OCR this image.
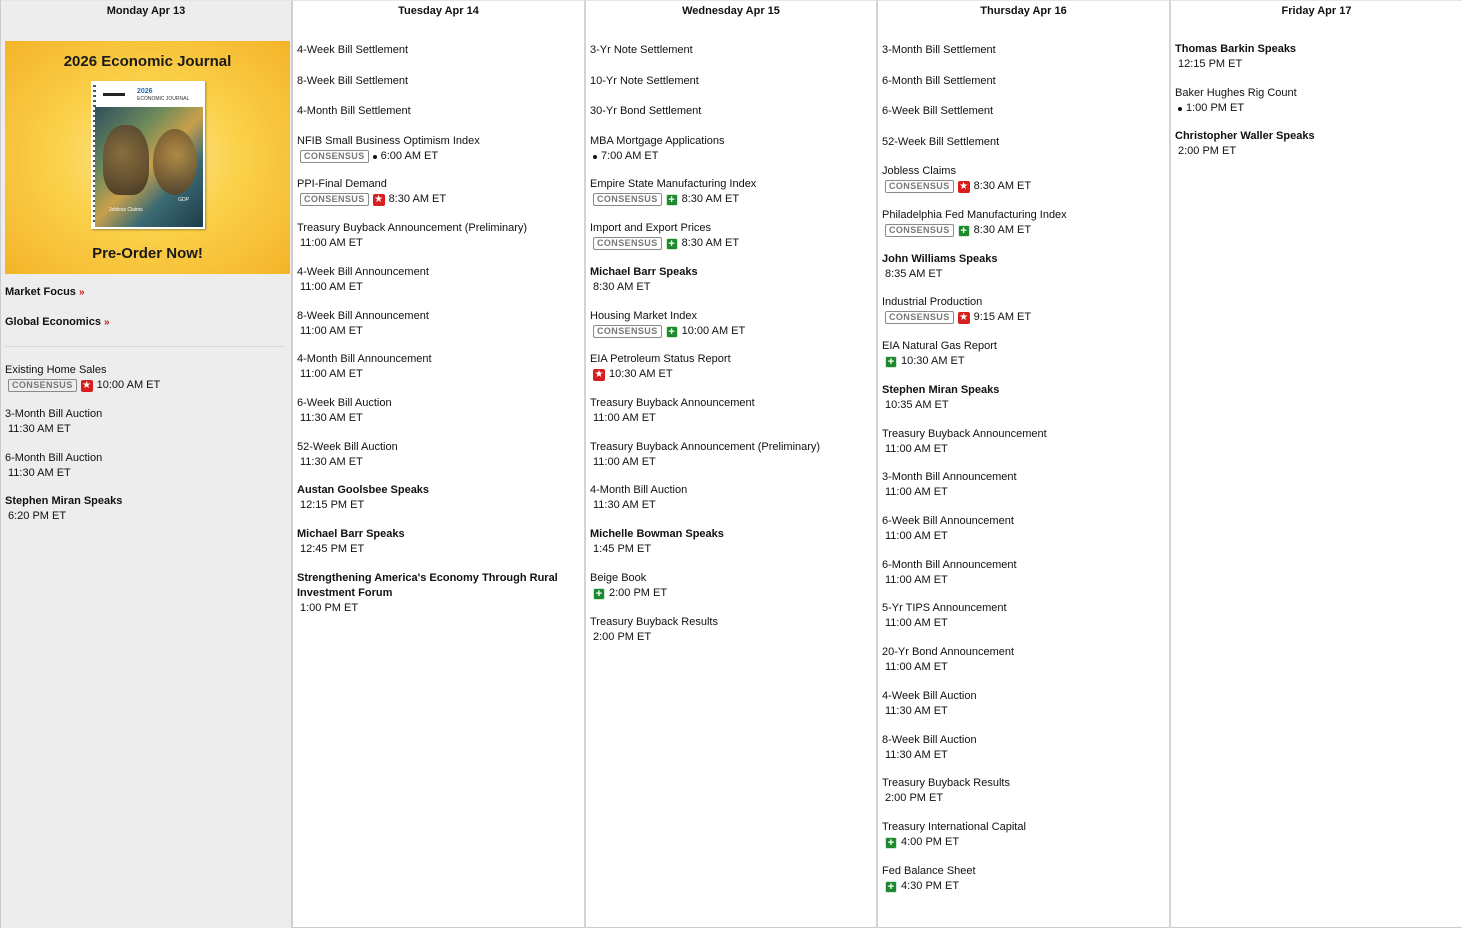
Monday Apr 13
2026 Economic Journal
2026
ECONOMIC JOURNAL
Jobless Claims
GDP
Pre-Order Now!
Market Focus »
Global Economics »
Existing Home Sales
CONSENSUS ★ 10:00 AM ET
3-Month Bill Auction
11:30 AM ET
6-Month Bill Auction
11:30 AM ET
Stephen Miran Speaks
6:20 PM ET
Tuesday Apr 14
4-Week Bill Settlement
8-Week Bill Settlement
4-Month Bill Settlement
NFIB Small Business Optimism Index
CONSENSUS	6:00 AM ET
PPI-Final Demand
CONSENSUS ★ 8:30 AM ET
Treasury Buyback Announcement (Preliminary)
11:00 AM ET
4-Week Bill Announcement
11:00 AM ET
8-Week Bill Announcement
11:00 AM ET
4-Month Bill Announcement
11:00 AM ET
6-Week Bill Auction
11:30 AM ET
52-Week Bill Auction
11:30 AM ET
Austan Goolsbee Speaks
12:15 PM ET
Michael Barr Speaks
12:45 PM ET
Strengthening America's Economy Through Rural Investment Forum
1:00 PM ET
Wednesday Apr 15
3-Yr Note Settlement
10-Yr Note Settlement
30-Yr Bond Settlement
MBA Mortgage Applications
7:00 AM ET
Empire State Manufacturing Index
CONSENSUS + 8:30 AM ET
Import and Export Prices
CONSENSUS + 8:30 AM ET
Michael Barr Speaks
8:30 AM ET
Housing Market Index
CONSENSUS + 10:00 AM ET
EIA Petroleum Status Report
★ 10:30 AM ET
Treasury Buyback Announcement
11:00 AM ET
Treasury Buyback Announcement (Preliminary)
11:00 AM ET
4-Month Bill Auction
11:30 AM ET
Michelle Bowman Speaks
1:45 PM ET
Beige Book
+ 2:00 PM ET
Treasury Buyback Results
2:00 PM ET
Thursday Apr 16
3-Month Bill Settlement
6-Month Bill Settlement
6-Week Bill Settlement
52-Week Bill Settlement
Jobless Claims
CONSENSUS ★ 8:30 AM ET
Philadelphia Fed Manufacturing Index
CONSENSUS + 8:30 AM ET
John Williams Speaks
8:35 AM ET
Industrial Production
CONSENSUS ★ 9:15 AM ET
EIA Natural Gas Report
+ 10:30 AM ET
Stephen Miran Speaks
10:35 AM ET
Treasury Buyback Announcement
11:00 AM ET
3-Month Bill Announcement
11:00 AM ET
6-Week Bill Announcement
11:00 AM ET
6-Month Bill Announcement
11:00 AM ET
5-Yr TIPS Announcement
11:00 AM ET
20-Yr Bond Announcement
11:00 AM ET
4-Week Bill Auction
11:30 AM ET
8-Week Bill Auction
11:30 AM ET
Treasury Buyback Results
2:00 PM ET
Treasury International Capital
+ 4:00 PM ET
Fed Balance Sheet
+ 4:30 PM ET
Friday Apr 17
Thomas Barkin Speaks
12:15 PM ET
Baker Hughes Rig Count
1:00 PM ET
Christopher Waller Speaks
2:00 PM ET
